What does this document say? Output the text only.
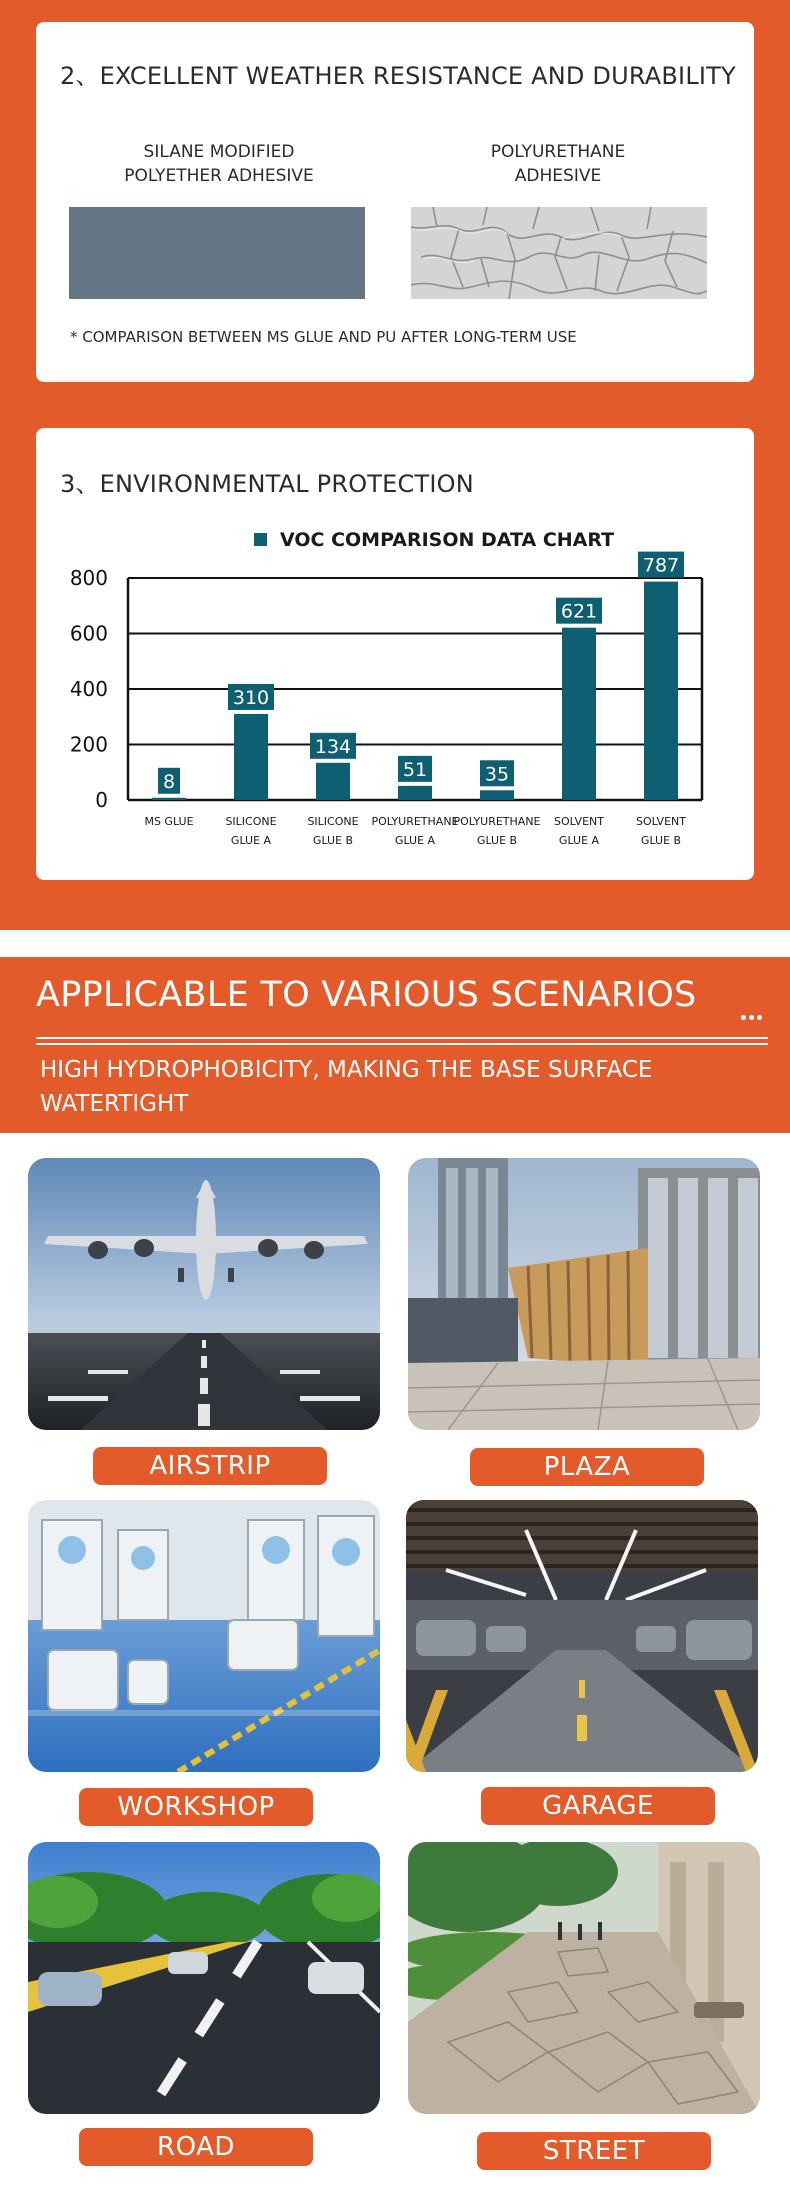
2、EXCELLENT WEATHER RESISTANCE AND DURABILITY
SILANE MODIFIED
POLYETHER ADHESIVE
POLYURETHANE
ADHESIVE
* COMPARISON BETWEEN MS GLUE AND PU AFTER LONG-TERM USE
3、ENVIRONMENTAL PROTECTION
VOC COMPARISON DATA CHART
0
200
400
600
800
8
MS GLUE
310
SILICONE
GLUE A
134
SILICONE
GLUE B
51
POLYURETHANE
GLUE A
35
POLYURETHANE
GLUE B
621
SOLVENT
GLUE A
787
SOLVENT
GLUE B
APPLICABLE TO VARIOUS SCENARIOS
HIGH HYDROPHOBICITY, MAKING THE BASE SURFACE WATERTIGHT
AIRSTRIP	PLAZA
WORKSHOP	GARAGE
ROAD	STREET
